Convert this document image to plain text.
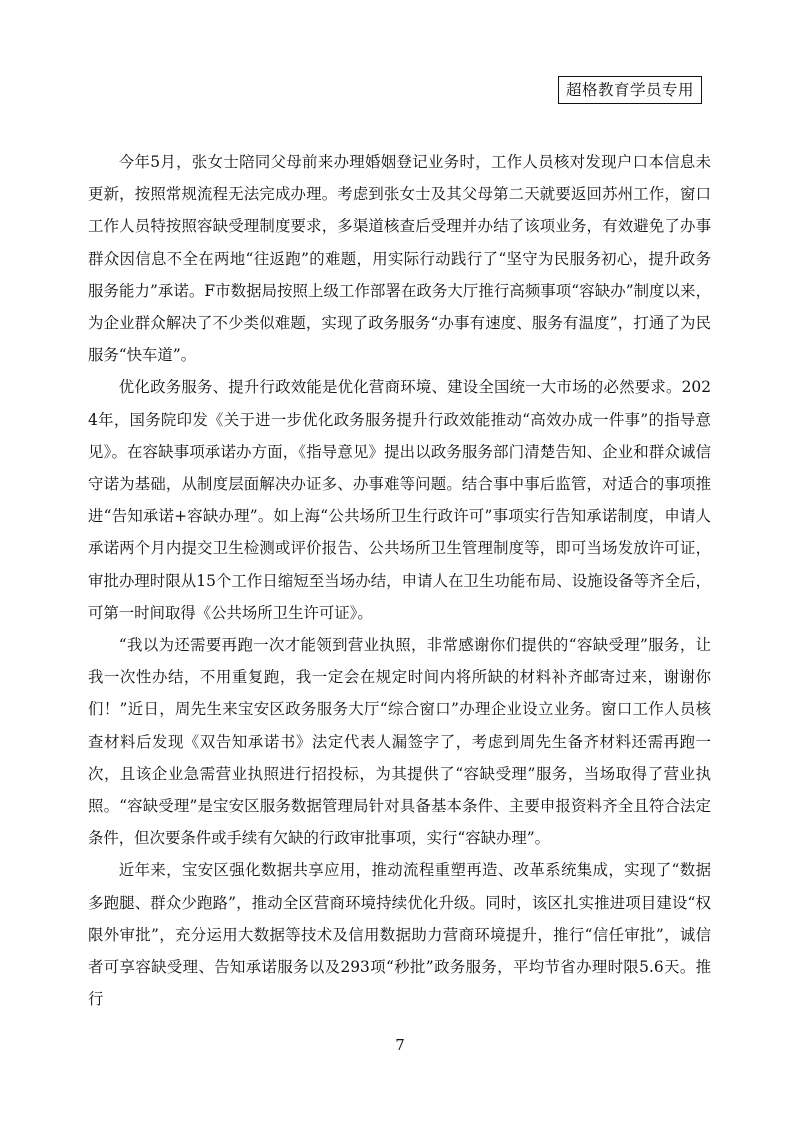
超格教育学员专用

今年5月，张女士陪同父母前来办理婚姻登记业务时，工作人员核对发现户口本信息未更新，按照常规流程无法完成办理。考虑到张女士及其父母第二天就要返回苏州工作，窗口工作人员特按照容缺受理制度要求，多渠道核查后受理并办结了该项业务，有效避免了办事群众因信息不全在两地“往返跑”的难题，用实际行动践行了“坚守为民服务初心，提升政务服务能力”承诺。F市数据局按照上级工作部署在政务大厅推行高频事项“容缺办”制度以来，为企业群众解决了不少类似难题，实现了政务服务“办事有速度、服务有温度”，打通了为民服务“快车道”。

优化政务服务、提升行政效能是优化营商环境、建设全国统一大市场的必然要求。2024年，国务院印发《关于进一步优化政务服务提升行政效能推动“高效办成一件事”的指导意见》。在容缺事项承诺办方面，《指导意见》提出以政务服务部门清楚告知、企业和群众诚信守诺为基础，从制度层面解决办证多、办事难等问题。结合事中事后监管，对适合的事项推进“告知承诺+容缺办理”。如上海“公共场所卫生行政许可”事项实行告知承诺制度，申请人承诺两个月内提交卫生检测或评价报告、公共场所卫生管理制度等，即可当场发放许可证，审批办理时限从15个工作日缩短至当场办结，申请人在卫生功能布局、设施设备等齐全后，可第一时间取得《公共场所卫生许可证》。

“我以为还需要再跑一次才能领到营业执照，非常感谢你们提供的“容缺受理”服务，让我一次性办结，不用重复跑，我一定会在规定时间内将所缺的材料补齐邮寄过来，谢谢你们！”近日，周先生来宝安区政务服务大厅“综合窗口”办理企业设立业务。窗口工作人员核查材料后发现《双告知承诺书》法定代表人漏签字了，考虑到周先生备齐材料还需再跑一次，且该企业急需营业执照进行招投标，为其提供了“容缺受理”服务，当场取得了营业执照。“容缺受理”是宝安区服务数据管理局针对具备基本条件、主要申报资料齐全且符合法定条件，但次要条件或手续有欠缺的行政审批事项，实行“容缺办理”。

近年来，宝安区强化数据共享应用，推动流程重塑再造、改革系统集成，实现了“数据多跑腿、群众少跑路”，推动全区营商环境持续优化升级。同时，该区扎实推进项目建设“权限外审批”，充分运用大数据等技术及信用数据助力营商环境提升，推行“信任审批”，诚信者可享容缺受理、告知承诺服务以及293项“秒批”政务服务，平均节省办理时限5.6天。推行

7
